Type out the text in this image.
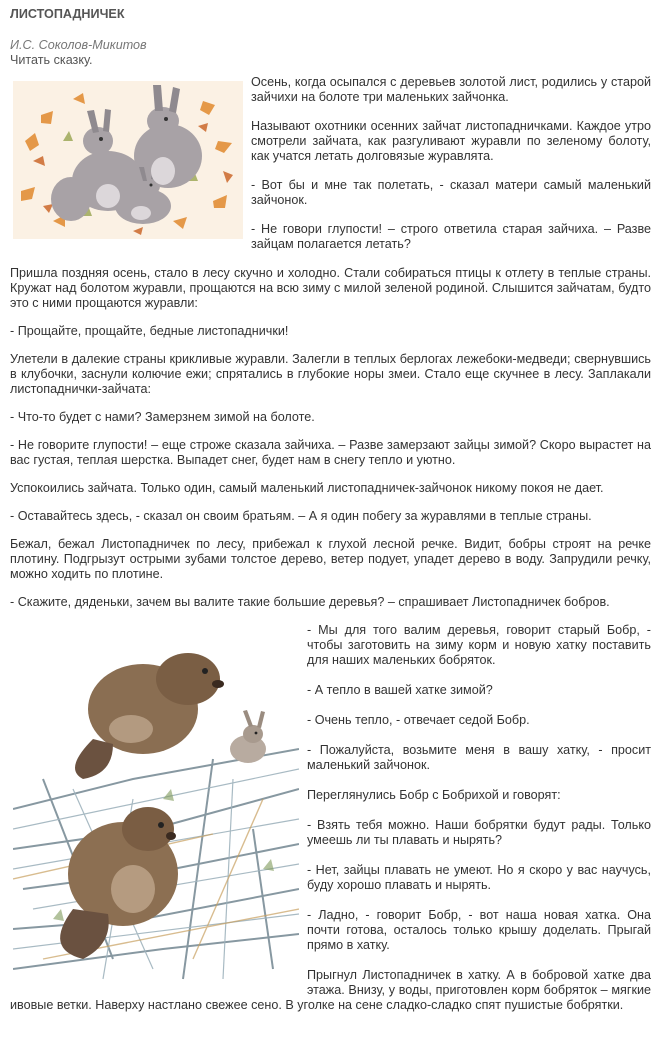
ЛИСТОПАДНИЧЕК
И.С. Соколов-Микитов
Читать сказку.

Осень, когда осыпался с деревьев золотой лист, родились у старой зайчихи на болоте три маленьких зайчонка.

Называют охотники осенних зайчат листопадничками. Каждое утро смотрели зайчата, как разгуливают журавли по зеленому болоту, как учатся летать долговязые журавлята.

- Вот бы и мне так полетать, - сказал матери самый маленький зайчонок.

- Не говори глупости! – строго ответила старая зайчиха. – Разве зайцам полагается летать?

Пришла поздняя осень, стало в лесу скучно и холодно. Стали собираться птицы к отлету в теплые страны. Кружат над болотом журавли, прощаются на всю зиму с милой зеленой родиной. Слышится зайчатам, будто это с ними прощаются журавли:

- Прощайте, прощайте, бедные листопаднички!

Улетели в далекие страны крикливые журавли. Залегли в теплых берлогах лежебоки-медведи; свернувшись в клубочки, заснули колючие ежи; спрятались в глубокие норы змеи. Стало еще скучнее в лесу. Заплакали листопаднички-зайчата:

- Что-то будет с нами? Замерзнем зимой на болоте.

- Не говорите глупости! – еще строже сказала зайчиха. – Разве замерзают зайцы зимой? Скоро вырастет на вас густая, теплая шерстка. Выпадет снег, будет нам в снегу тепло и уютно.

Успокоились зайчата. Только один, самый маленький листопадничек-зайчонок никому покоя не дает.

- Оставайтесь здесь, - сказал он своим братьям. – А я один побегу за журавлями в теплые страны.

Бежал, бежал Листопадничек по лесу, прибежал к глухой лесной речке. Видит, бобры строят на речке плотину. Подгрызут острыми зубами толстое дерево, ветер подует, упадет дерево в воду. Запрудили речку, можно ходить по плотине.

- Скажите, дяденьки, зачем вы валите такие большие деревья? – спрашивает Листопадничек бобров.

- Мы для того валим деревья, говорит старый Бобр, - чтобы заготовить на зиму корм и новую хатку поставить для наших маленьких бобряток.

- А тепло в вашей хатке зимой?

- Очень тепло, - отвечает седой Бобр.

- Пожалуйста, возьмите меня в вашу хатку, - просит маленький зайчонок.

Переглянулись Бобр с Бобрихой и говорят:

- Взять тебя можно. Наши бобрятки будут рады. Только умеешь ли ты плавать и нырять?

- Нет, зайцы плавать не умеют. Но я скоро у вас научусь, буду хорошо плавать и нырять.

- Ладно, - говорит Бобр, - вот наша новая хатка. Она почти готова, осталось только крышу доделать. Прыгай прямо в хатку.

Прыгнул Листопадничек в хатку. А в бобровой хатке два этажа. Внизу, у воды, приготовлен корм бобряток – мягкие ивовые ветки. Наверху настлано свежее сено. В уголке на сене сладко-сладко спят пушистые бобрятки.
